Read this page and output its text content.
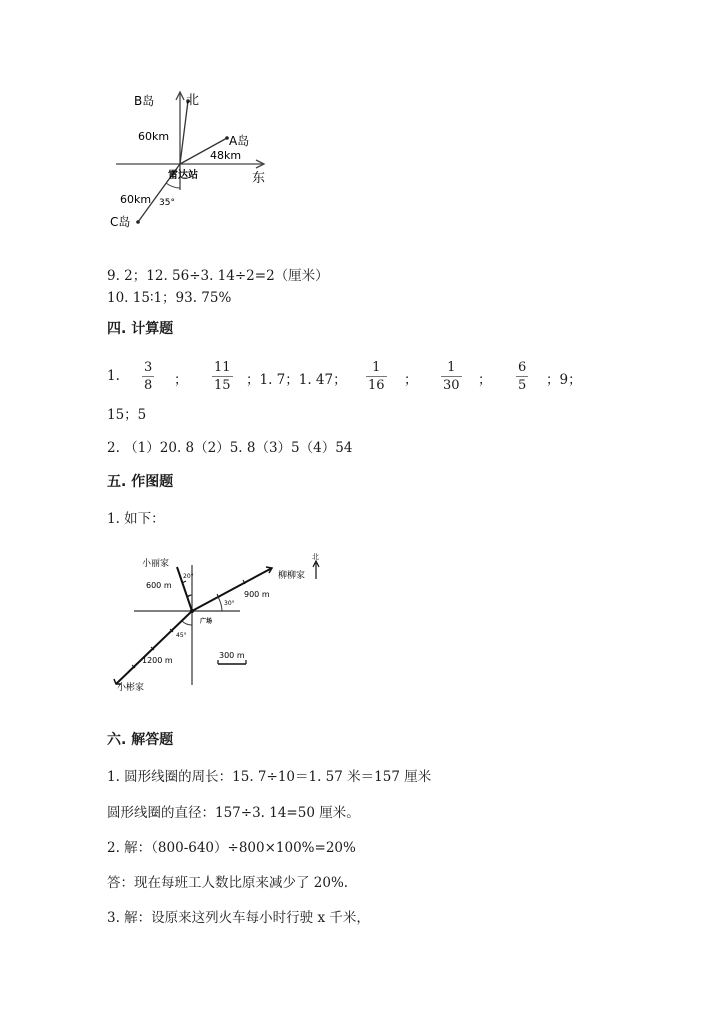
北
东
雷达站
B岛
A岛
C岛
60km
48km
60km 35°
9. 2；12. 56÷3. 14÷2=2（厘米）
10. 15∶1；93. 75%
四. 计算题
1.
3
8 ；
11
15 ；1. 7；1. 47；
1
16 ；
1
30 ；
6
5 ；9；
15；5
2. （1）20. 8（2）5. 8（3）5（4）54
五. 作图题
1. 如下：
北
小丽家
柳柳家
小彬家
广场
600 m
900 m
1200 m
20°
30°
45°
300 m
六. 解答题
1. 圆形线圈的周长：15. 7÷10＝1. 57 米＝157 厘米
圆形线圈的直径：157÷3. 14=50 厘米。
2. 解：（800-640）÷800×100%=20%
答：现在每班工人数比原来减少了 20%.
3. 解：设原来这列火车每小时行驶 x 千米，
